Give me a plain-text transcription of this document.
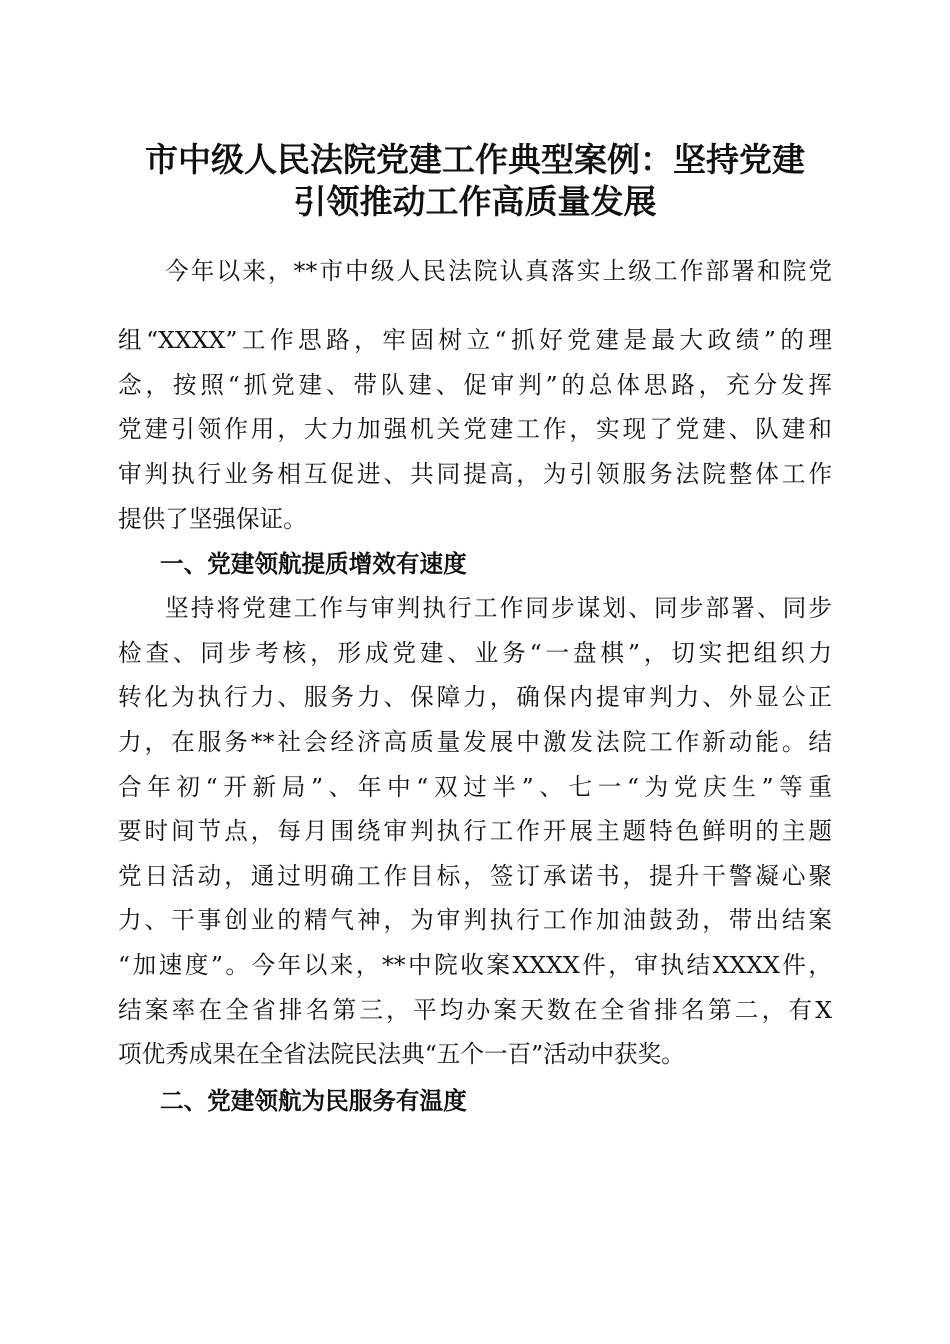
市中级人民法院党建工作典型案例：坚持党建
引领推动工作高质量发展
今年以来，**市中级人民法院认真落实上级工作部署和院党
组“XXXX”工作思路，牢固树立“抓好党建是最大政绩”的理
念，按照“抓党建、带队建、促审判”的总体思路，充分发挥
党建引领作用，大力加强机关党建工作，实现了党建、队建和
审判执行业务相互促进、共同提高，为引领服务法院整体工作
提供了坚强保证。
一、党建领航提质增效有速度
坚持将党建工作与审判执行工作同步谋划、同步部署、同步
检查、同步考核，形成党建、业务“一盘棋”，切实把组织力
转化为执行力、服务力、保障力，确保内提审判力、外显公正
力，在服务**社会经济高质量发展中激发法院工作新动能。结
合年初“开新局”、年中“双过半”、七一“为党庆生”等重
要时间节点，每月围绕审判执行工作开展主题特色鲜明的主题
党日活动，通过明确工作目标，签订承诺书，提升干警凝心聚
力、干事创业的精气神，为审判执行工作加油鼓劲，带出结案
“加速度”。今年以来，**中院收案XXXX件，审执结XXXX件，
结案率在全省排名第三，平均办案天数在全省排名第二，有X
项优秀成果在全省法院民法典“五个一百”活动中获奖。
二、党建领航为民服务有温度
